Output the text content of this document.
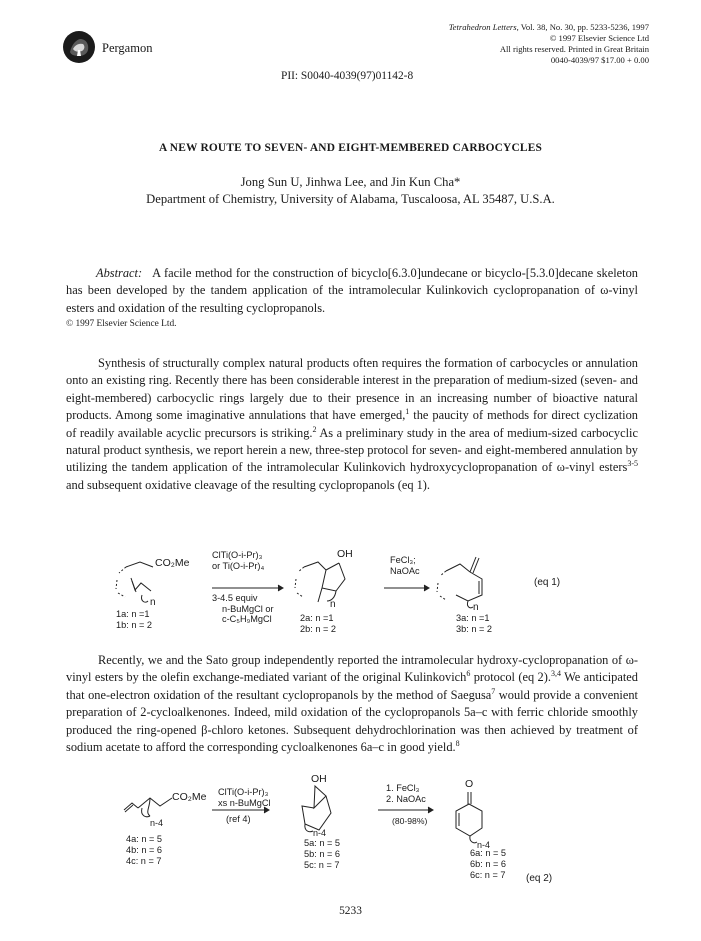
Pergamon
Tetrahedron Letters, Vol. 38, No. 30, pp. 5233-5236, 1997
© 1997 Elsevier Science Ltd
All rights reserved. Printed in Great Britain
0040-4039/97 $17.00 + 0.00
PII: S0040-4039(97)01142-8
A NEW ROUTE TO SEVEN- AND EIGHT-MEMBERED CARBOCYCLES
Jong Sun U, Jinhwa Lee, and Jin Kun Cha*
Department of Chemistry, University of Alabama, Tuscaloosa, AL 35487, U.S.A.
Abstract: A facile method for the construction of bicyclo[6.3.0]undecane or bicyclo-[5.3.0]decane skeleton has been developed by the tandem application of the intramolecular Kulinkovich cyclopropanation of ω-vinyl esters and oxidation of the resulting cyclopropanols.
© 1997 Elsevier Science Ltd.

Synthesis of structurally complex natural products often requires the formation of carbocycles or annulation onto an existing ring. Recently there has been considerable interest in the preparation of medium-sized (seven- and eight-membered) carbocyclic rings largely due to their presence in an increasing number of bioactive natural products. Among some imaginative annulations that have emerged,$^1$ the paucity of methods for direct cyclization of readily available acyclic precursors is striking.$^2$ As a preliminary study in the area of medium-sized carbocyclic natural product synthesis, we report herein a new, three-step protocol for seven- and eight-membered annulation by utilizing the tandem application of the intramolecular Kulinkovich hydroxycyclopropanation of ω-vinyl esters$^{3-5}$ and subsequent oxidative cleavage of the resulting cyclopropanols (eq 1).

CO₂Me
n
1a: n =1
1b: n = 2
ClTi(O-i-Pr)₃
or Ti(O-i-Pr)₄
3-4.5 equiv
n-BuMgCl or
c-C₅H₉MgCl
OH
n
2a: n =1
2b: n = 2
FeCl₃;
NaOAc
n
3a: n =1
3b: n = 2
(eq 1)

Recently, we and the Sato group independently reported the intramolecular hydroxy-cyclopropanation of ω-vinyl esters by the olefin exchange-mediated variant of the original Kulinkovich$^6$ protocol (eq 2).$^{3,4}$ We anticipated that one-electron oxidation of the resultant cyclopropanols by the method of Saegusa$^7$ would provide a convenient preparation of 2-cycloalkenones. Indeed, mild oxidation of the cyclopropanols 5a–c with ferric chloride smoothly produced the ring-opened β-chloro ketones. Subsequent dehydrochlorination was then achieved by treatment of sodium acetate to afford the corresponding cycloalkenones 6a–c in good yield.$^8$

CO₂Me
n-4
4a: n = 5
4b: n = 6
4c: n = 7
ClTi(O-i-Pr)₃
xs n-BuMgCl
(ref 4)
OH
n-4
5a: n = 5
5b: n = 6
5c: n = 7
1. FeCl₃
2. NaOAc
(80-98%)
O
n-4
6a: n = 5
6b: n = 6
6c: n = 7 (eq 2)
5233
